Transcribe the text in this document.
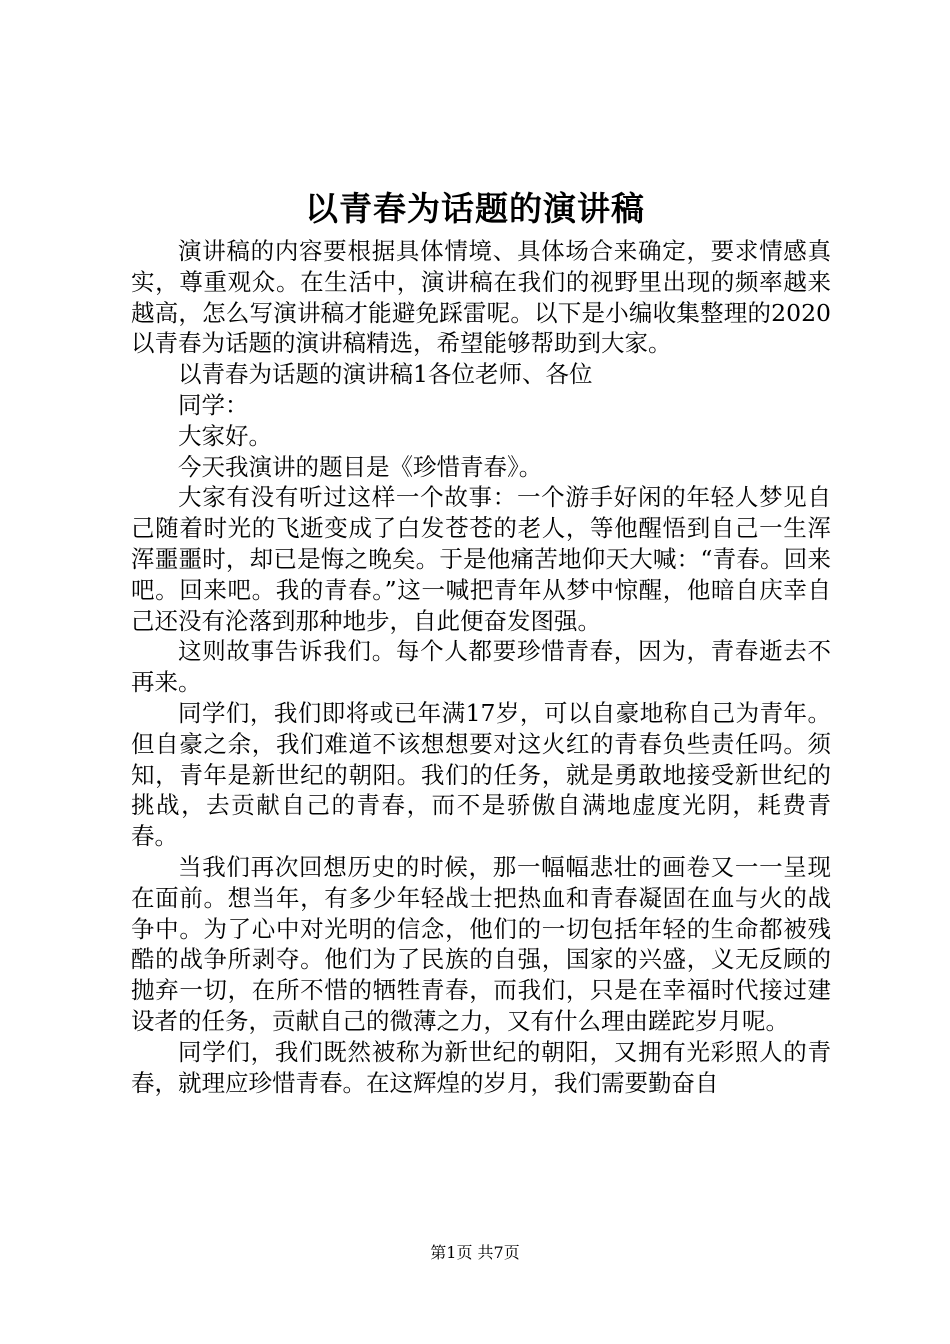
以青春为话题的演讲稿

演讲稿的内容要根据具体情境、具体场合来确定，要求情感真实，尊重观众。在生活中，演讲稿在我们的视野里出现的频率越来越高，怎么写演讲稿才能避免踩雷呢。以下是小编收集整理的2020以青春为话题的演讲稿精选，希望能够帮助到大家。

以青春为话题的演讲稿1各位老师、各位

同学：

大家好。

今天我演讲的题目是《珍惜青春》。

大家有没有听过这样一个故事：一个游手好闲的年轻人梦见自己随着时光的飞逝变成了白发苍苍的老人，等他醒悟到自己一生浑浑噩噩时，却已是悔之晚矣。于是他痛苦地仰天大喊：“青春。回来吧。回来吧。我的青春。”这一喊把青年从梦中惊醒，他暗自庆幸自己还没有沦落到那种地步，自此便奋发图强。

这则故事告诉我们。每个人都要珍惜青春，因为，青春逝去不再来。

同学们，我们即将或已年满17岁，可以自豪地称自己为青年。但自豪之余，我们难道不该想想要对这火红的青春负些责任吗。须知，青年是新世纪的朝阳。我们的任务，就是勇敢地接受新世纪的挑战，去贡献自己的青春，而不是骄傲自满地虚度光阴，耗费青春。

当我们再次回想历史的时候，那一幅幅悲壮的画卷又一一呈现在面前。想当年，有多少年轻战士把热血和青春凝固在血与火的战争中。为了心中对光明的信念，他们的一切包括年轻的生命都被残酷的战争所剥夺。他们为了民族的自强，国家的兴盛，义无反顾的抛弃一切，在所不惜的牺牲青春，而我们，只是在幸福时代接过建设者的任务，贡献自己的微薄之力，又有什么理由蹉跎岁月呢。

同学们，我们既然被称为新世纪的朝阳，又拥有光彩照人的青春，就理应珍惜青春。在这辉煌的岁月，我们需要勤奋自

第1页 共7页
